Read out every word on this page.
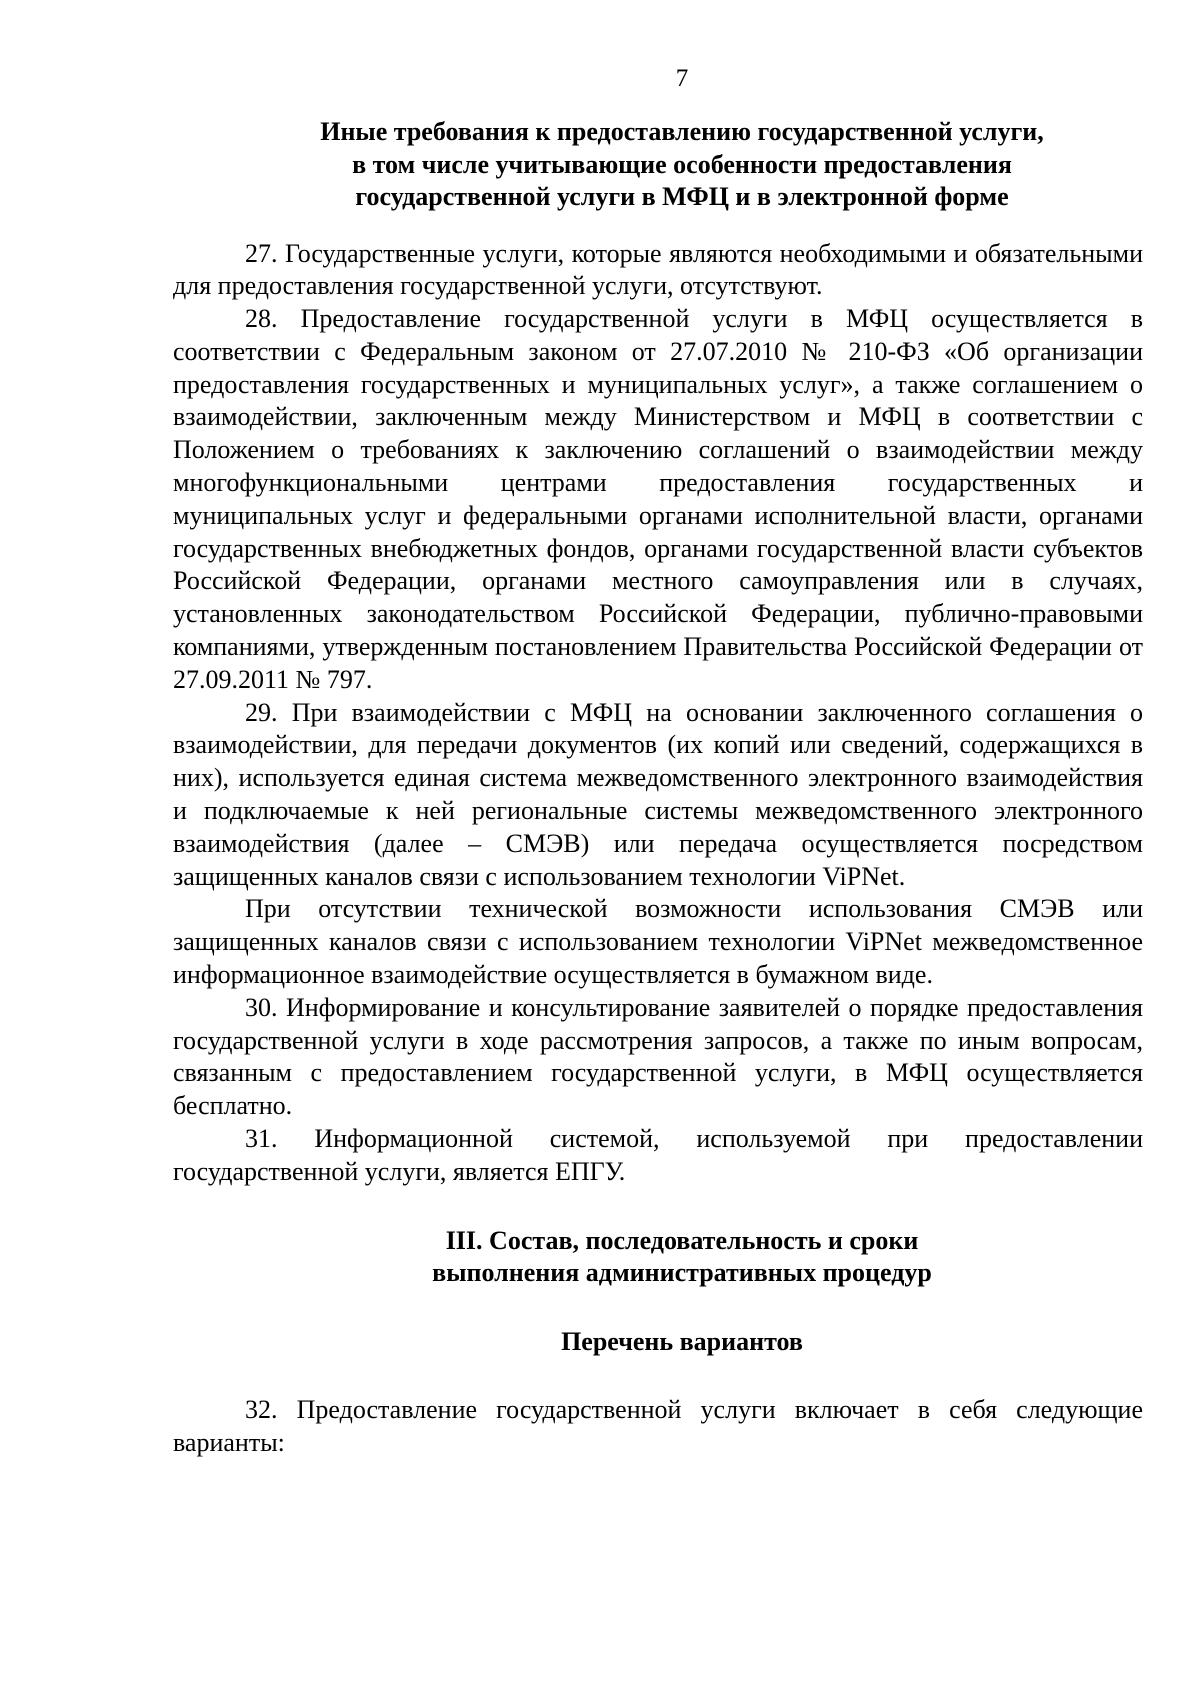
7
Иные требования к предоставлению государственной услуги,
в том числе учитывающие особенности предоставления
государственной услуги в МФЦ и в электронной форме

27. Государственные услуги, которые являются необходимыми и обязательными для предоставления государственной услуги, отсутствуют.

28. Предоставление государственной услуги в МФЦ осуществляется в соответствии с Федеральным законом от 27.07.2010 № 210-ФЗ «Об организации предоставления государственных и муниципальных услуг», а также соглашением о взаимодействии, заключенным между Министерством и МФЦ в соответствии с Положением о требованиях к заключению соглашений о взаимодействии между многофункциональными центрами предоставления государственных и муниципальных услуг и федеральными органами исполнительной власти, органами государственных внебюджетных фондов, органами государственной власти субъектов Российской Федерации, органами местного самоуправления или в случаях, установленных законодательством Российской Федерации, публично-правовыми компаниями, утвержденным постановлением Правительства Российской Федерации от 27.09.2011 № 797.

29. При взаимодействии с МФЦ на основании заключенного соглашения о взаимодействии, для передачи документов (их копий или сведений, содержащихся в них), используется единая система межведомственного электронного взаимодействия и подключаемые к ней региональные системы межведомственного электронного взаимодействия (далее – СМЭВ) или передача осуществляется посредством защищенных каналов связи с использованием технологии ViPNet.

При отсутствии технической возможности использования СМЭВ или защищенных каналов связи с использованием технологии ViPNet межведомственное информационное взаимодействие осуществляется в бумажном виде.

30. Информирование и консультирование заявителей о порядке предоставления государственной услуги в ходе рассмотрения запросов, а также по иным вопросам, связанным с предоставлением государственной услуги, в МФЦ осуществляется бесплатно.

31. Информационной системой, используемой при предоставлении государственной услуги, является ЕПГУ.

III. Состав, последовательность и сроки
выполнения административных процедур
Перечень вариантов

32. Предоставление государственной услуги включает в себя следующие варианты:
